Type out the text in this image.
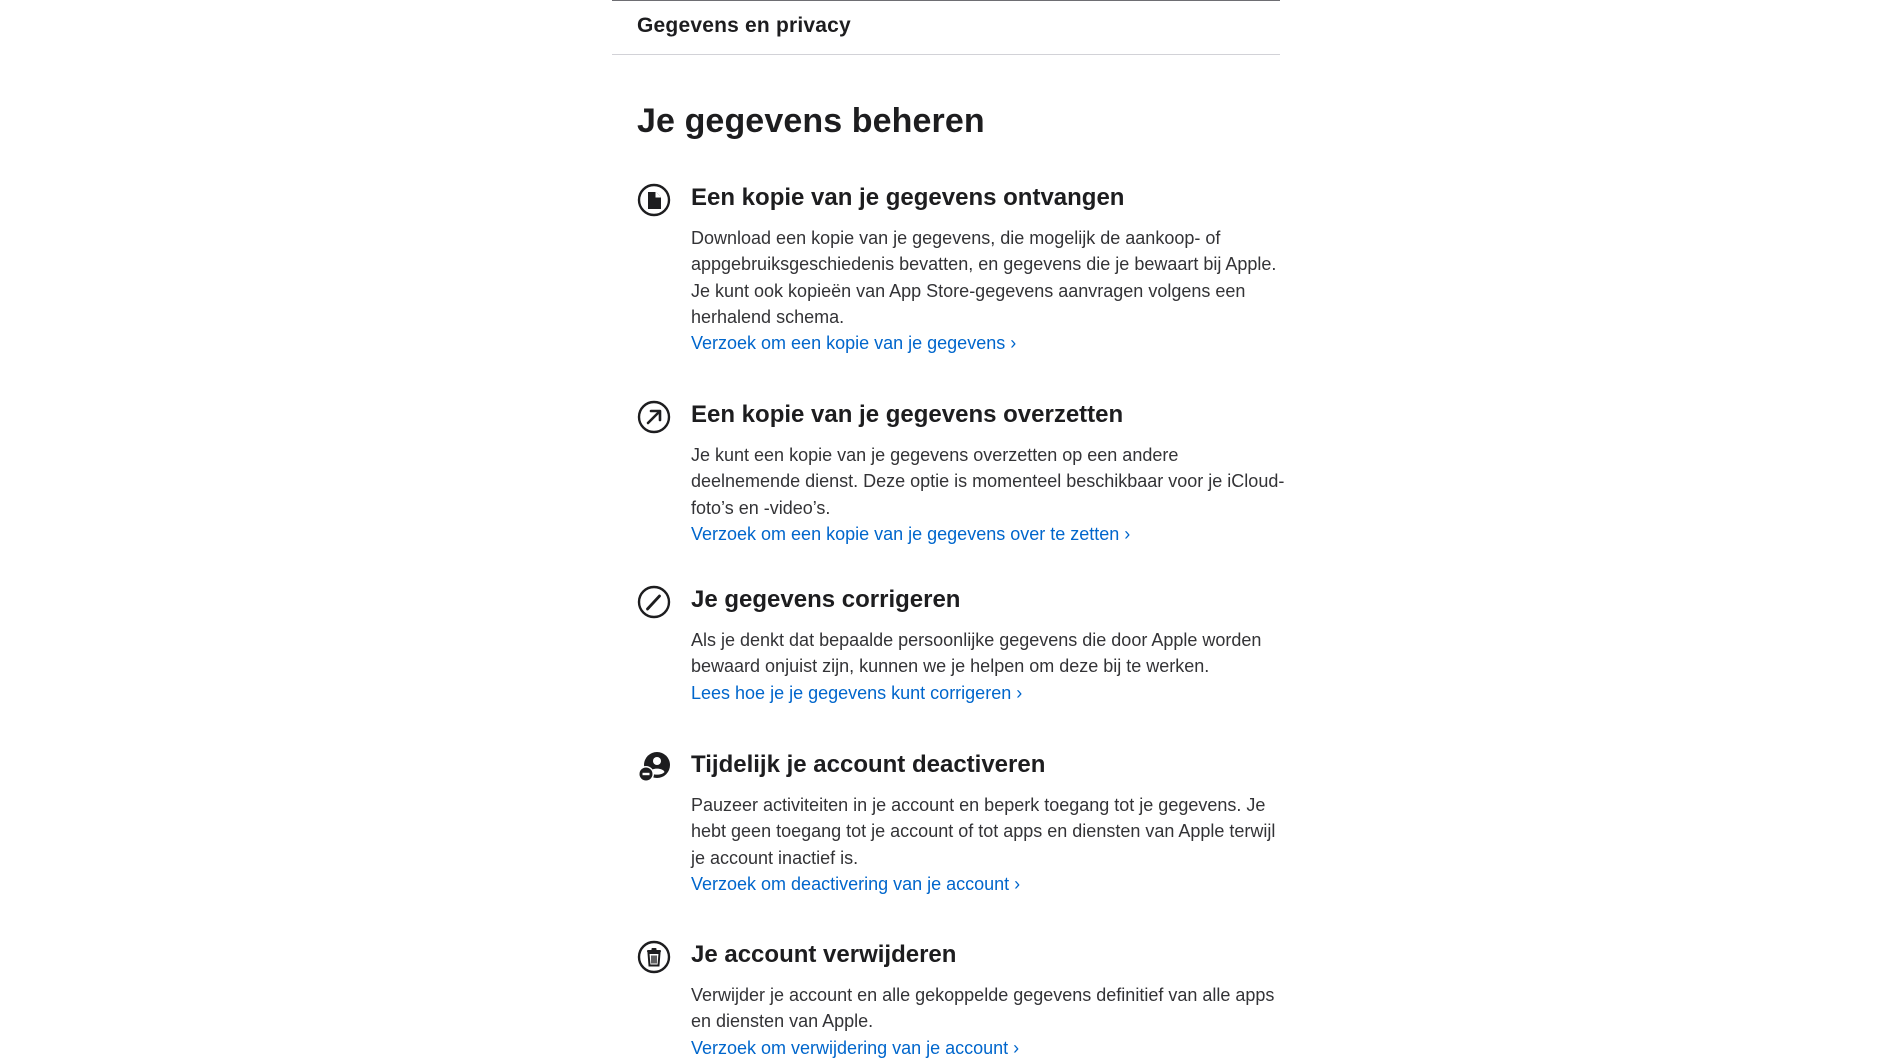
Gegevens en privacy
Je gegevens beheren
Een kopie van je gegevens ontvangen
Download een kopie van je gegevens, die mogelijk de aankoop- of appgebruiksgeschiedenis bevatten, en gegevens die je bewaart bij Apple. Je kunt ook kopieën van App Store-gegevens aanvragen volgens een herhalend schema.
Verzoek om een kopie van je gegevens ›
Een kopie van je gegevens overzetten
Je kunt een kopie van je gegevens overzetten op een andere deelnemende dienst. Deze optie is momenteel beschikbaar voor je iCloud-foto’s en -video’s.
Verzoek om een kopie van je gegevens over te zetten ›
Je gegevens corrigeren
Als je denkt dat bepaalde persoonlijke gegevens die door Apple worden bewaard onjuist zijn, kunnen we je helpen om deze bij te werken.
Lees hoe je je gegevens kunt corrigeren ›
Tijdelijk je account deactiveren
Pauzeer activiteiten in je account en beperk toegang tot je gegevens. Je hebt geen toegang tot je account of tot apps en diensten van Apple terwijl je account inactief is.
Verzoek om deactivering van je account ›
Je account verwijderen
Verwijder je account en alle gekoppelde gegevens definitief van alle apps en diensten van Apple.
Verzoek om verwijdering van je account ›
